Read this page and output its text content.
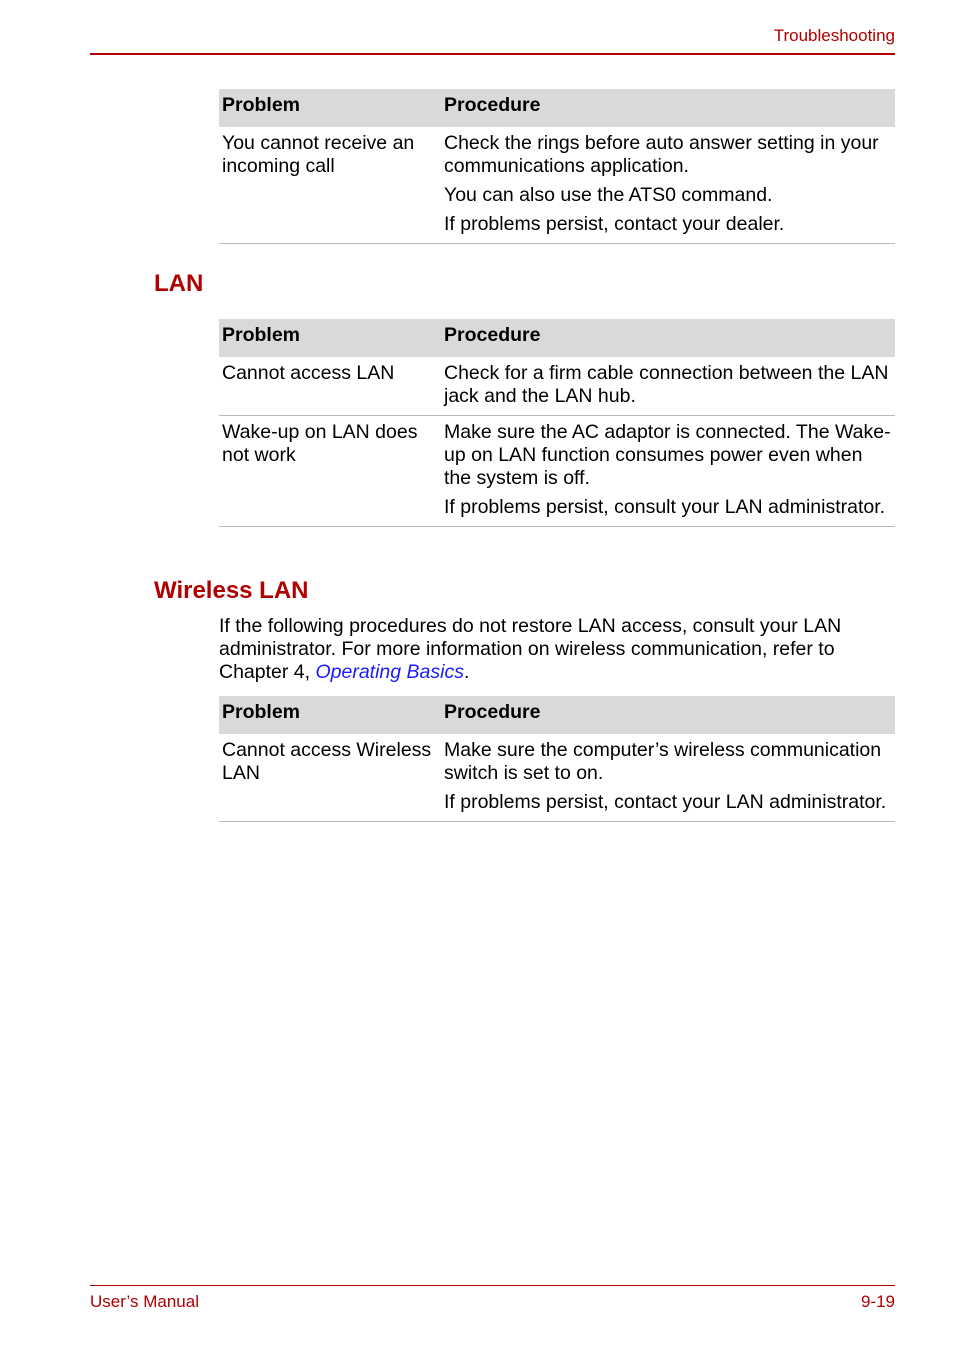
Troubleshooting
Problem	Procedure
You cannot receive an incoming call	Check the rings before auto answer setting in your communications application.

You can also use the ATS0 command.

If problems persist, contact your dealer.

LAN
Problem	Procedure
Cannot access LAN	Check for a firm cable connection between the LAN jack and the LAN hub.

Wake-up on LAN does not work	Make sure the AC adaptor is connected. The Wake-up on LAN function consumes power even when the system is off.

If problems persist, consult your LAN administrator.

Wireless LAN

If the following procedures do not restore LAN access, consult your LAN administrator. For more information on wireless communication, refer to Chapter 4, Operating Basics.

Problem	Procedure
Cannot access Wireless LAN	Make sure the computer’s wireless communication switch is set to on.

If problems persist, contact your LAN administrator.

User’s Manual	9-19
